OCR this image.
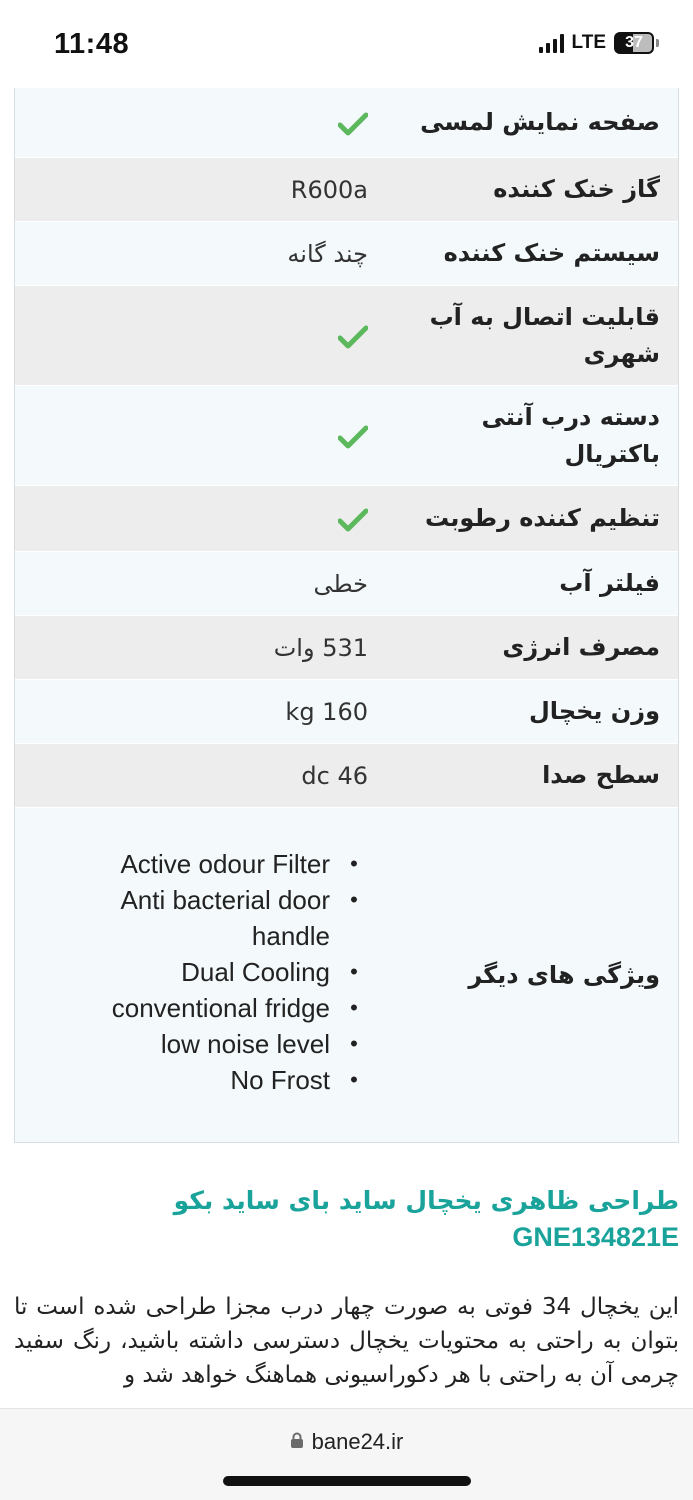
11:48	LTE 37
صفحه نمایش لمسی
گاز خنک کننده
R600a
سیستم خنک کننده
چند گانه
قابلیت اتصال به آب شهری
دسته درب آنتی باکتریال
تنظیم کننده رطوبت
فیلتر آب
خطی
مصرف انرژی
531 وات
وزن یخچال
kg 160
سطح صدا
dc 46
ویژگی های دیگر
Active odour Filter •
Anti bacterial door handle
•
Dual Cooling •
conventional fridge •
low noise level •
No Frost •
طراحی ظاهری یخچال ساید بای ساید بکو
GNE134821E
این یخچال 34 فوتی به صورت چهار درب مجزا طراحی شده است تا بتوان به راحتی به محتویات یخچال دسترسی داشته باشید، رنگ سفید چرمی آن به راحتی با هر دکوراسیونی هماهنگ خواهد شد و
bane24.ir
